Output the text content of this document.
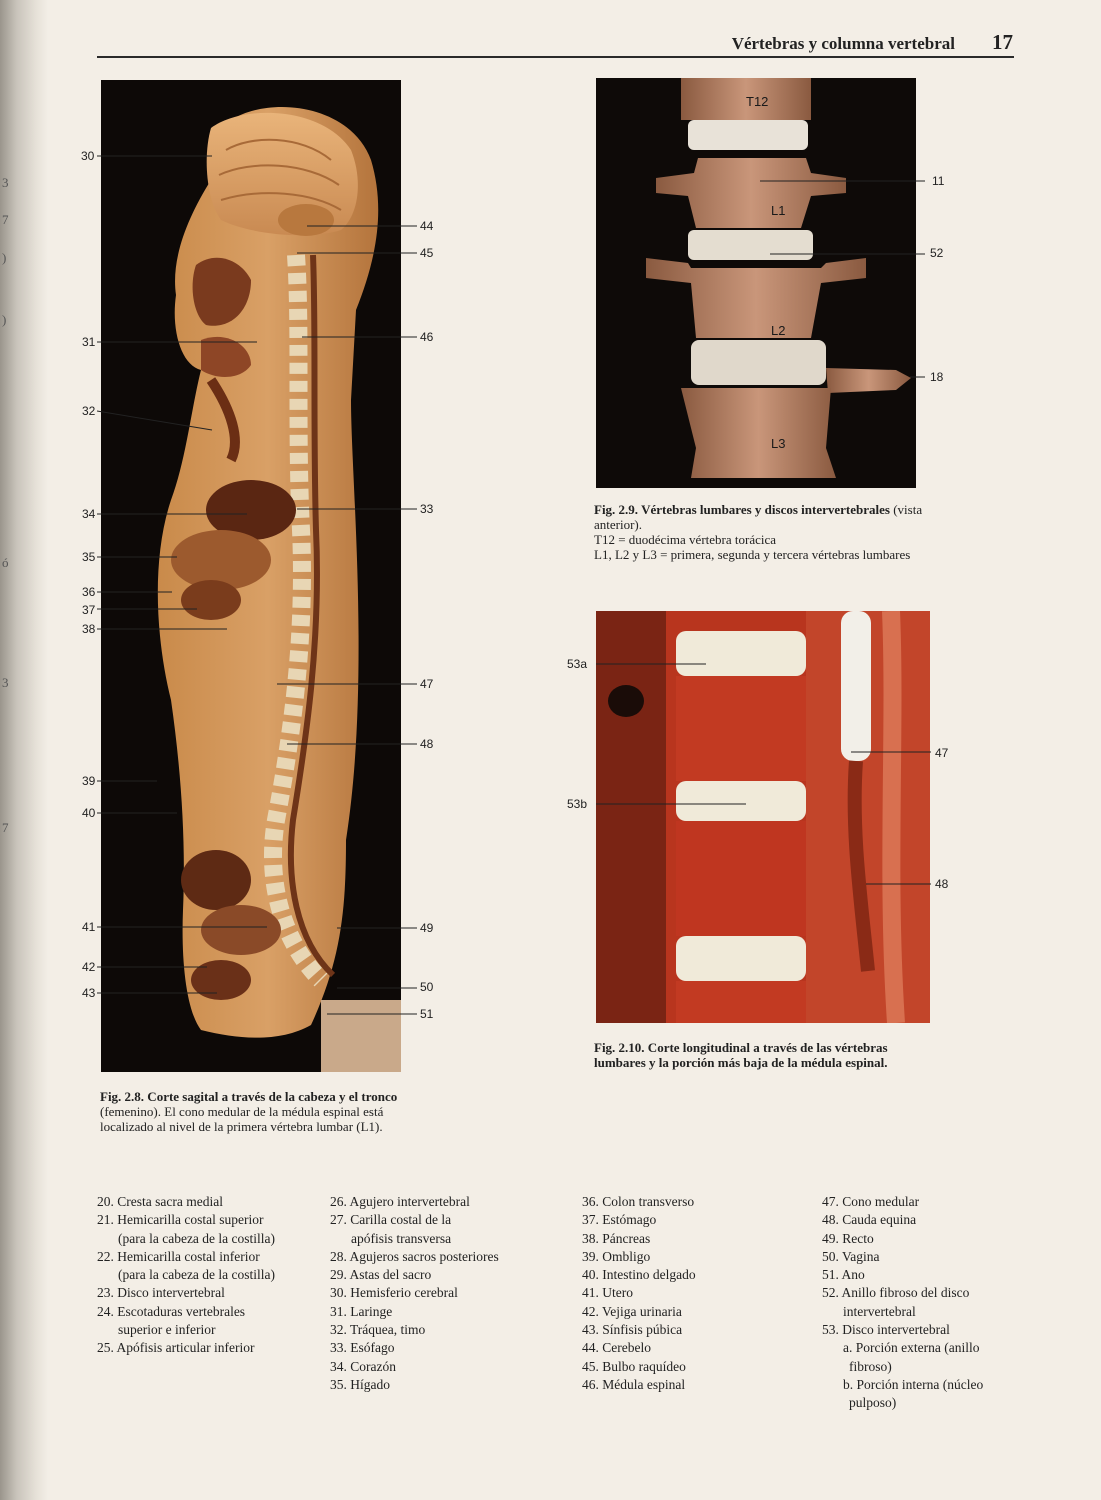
3
7
)
)
ó
3
7
Vértebras y columna vertebral 17
30
31
32
34
35
36
37
38
39
40
41
42
43
44
45
46
33
47
48
49
50
51
Fig. 2.8. Corte sagital a través de la cabeza y el tronco (femenino). El cono medular de la médula espinal está localizado al nivel de la primera vértebra lumbar (L1).
T12
L1
L2
L3
11
52
18
Fig. 2.9. Vértebras lumbares y discos intervertebrales (vista anterior).
T12 = duodécima vértebra torácica
L1, L2 y L3 = primera, segunda y tercera vértebras lumbares
53a
53b
47
48
Fig. 2.10. Corte longitudinal a través de las vértebras lumbares y la porción más baja de la médula espinal.
20. Cresta sacra medial
21. Hemicarilla costal superior
(para la cabeza de la costilla)
22. Hemicarilla costal inferior
(para la cabeza de la costilla)
23. Disco intervertebral
24. Escotaduras vertebrales
superior e inferior
25. Apófisis articular inferior
26. Agujero intervertebral
27. Carilla costal de la
apófisis transversa
28. Agujeros sacros posteriores
29. Astas del sacro
30. Hemisferio cerebral
31. Laringe
32. Tráquea, timo
33. Esófago
34. Corazón
35. Hígado
36. Colon transverso
37. Estómago
38. Páncreas
39. Ombligo
40. Intestino delgado
41. Utero
42. Vejiga urinaria
43. Sínfisis púbica
44. Cerebelo
45. Bulbo raquídeo
46. Médula espinal
47. Cono medular
48. Cauda equina
49. Recto
50. Vagina
51. Ano
52. Anillo fibroso del disco
intervertebral
53. Disco intervertebral
a. Porción externa (anillo
fibroso)
b. Porción interna (núcleo
pulposo)
